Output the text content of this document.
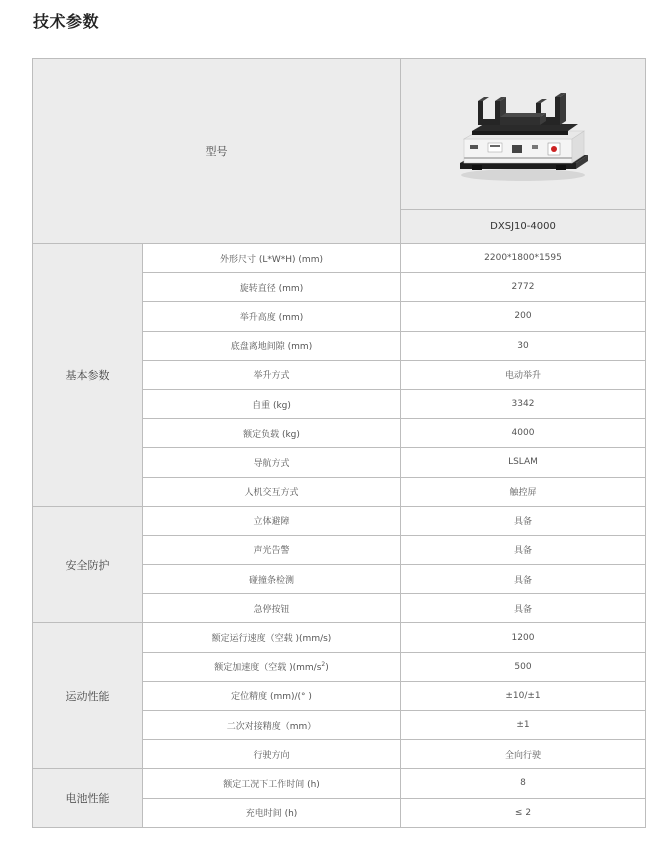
技术参数
型号	

		DXSJ10-4000
基本参数	外形尺寸 (L*W*H) (mm)	2200*1800*1595
	旋转直径 (mm)	2772
	举升高度 (mm)	200
	底盘离地间隙 (mm)	30
	举升方式	电动举升
	自重 (kg)	3342
	额定负载 (kg)	4000
	导航方式	LSLAM
	人机交互方式	触控屏
安全防护	立体避障	具备
	声光告警	具备
	碰撞条检测	具备
	急停按钮	具备
运动性能	额定运行速度（空载 )(mm/s)	1200
	额定加速度（空载 )$(mm/s^2)$	500
	定位精度 (mm)/(° )	±10/±1
	二次对接精度（mm）	±1
	行驶方向	全向行驶
电池性能	额定工况下工作时间 (h)	8
	充电时间 (h)	≤ 2
